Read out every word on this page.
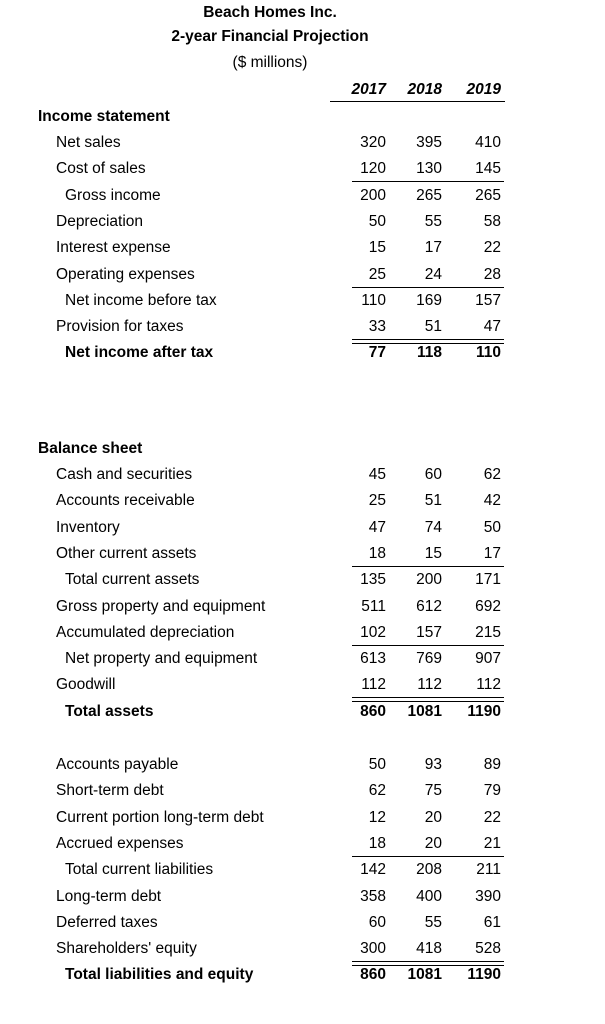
Beach Homes Inc.
2-year Financial Projection
($ millions)
2017	2018	2019
Income statement
Net sales	320	395	410
Cost of sales	120	130	145
Gross income	200	265	265
Depreciation	50	55	58
Interest expense	15	17	22
Operating expenses	25	24	28
Net income before tax	110	169	157
Provision for taxes	33	51	47
Net income after tax	77	118	110
Balance sheet
Cash and securities	45	60	62
Accounts receivable	25	51	42
Inventory	47	74	50
Other current assets	18	15	17
Total current assets	135	200	171
Gross property and equipment	511	612	692
Accumulated depreciation	102	157	215
Net property and equipment	613	769	907
Goodwill	112	112	112
Total assets	860	1081	1190
Accounts payable	50	93	89
Short-term debt	62	75	79
Current portion long-term debt	12	20	22
Accrued expenses	18	20	21
Total current liabilities	142	208	211
Long-term debt	358	400	390
Deferred taxes	60	55	61
Shareholders' equity	300	418	528
Total liabilities and equity	860	1081	1190
